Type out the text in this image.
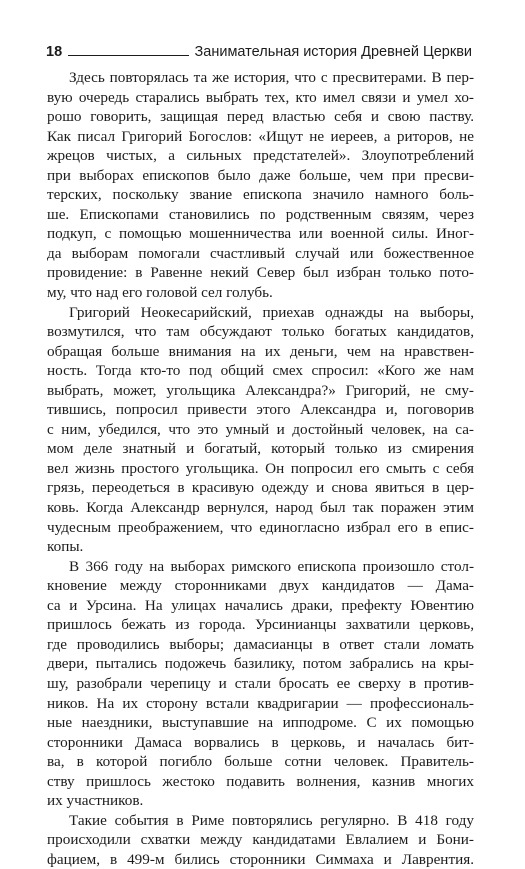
18	Занимательная история Древней Церкви
Здесь повторялась та же история, что с пресвитерами. В пер-
вую очередь старались выбрать тех, кто имел связи и умел хо-
рошо говорить, защищая перед властью себя и свою паству.
Как писал Григорий Богослов: «Ищут не иереев, а риторов, не
жрецов чистых, а сильных предстателей». Злоупотреблений
при выборах епископов было даже больше, чем при пресви-
терских, поскольку звание епископа значило намного боль-
ше. Епископами становились по родственным связям, через
подкуп, с помощью мошенничества или военной силы. Иног-
да выборам помогали счастливый случай или божественное
провидение: в Равенне некий Север был избран только пото-
му, что над его головой сел голубь.
Григорий Неокесарийский, приехав однажды на выборы,
возмутился, что там обсуждают только богатых кандидатов,
обращая больше внимания на их деньги, чем на нравствен-
ность. Тогда кто-то под общий смех спросил: «Кого же нам
выбрать, может, угольщика Александра?» Григорий, не сму-
тившись, попросил привести этого Александра и, поговорив
с ним, убедился, что это умный и достойный человек, на са-
мом деле знатный и богатый, который только из смирения
вел жизнь простого угольщика. Он попросил его смыть с себя
грязь, переодеться в красивую одежду и снова явиться в цер-
ковь. Когда Александр вернулся, народ был так поражен этим
чудесным преображением, что единогласно избрал его в епис-
копы.
В 366 году на выборах римского епископа произошло стол-
кновение между сторонниками двух кандидатов — Дама-
са и Урсина. На улицах начались драки, префекту Ювентию
пришлось бежать из города. Урсинианцы захватили церковь,
где проводились выборы; дамасианцы в ответ стали ломать
двери, пытались подожечь базилику, потом забрались на кры-
шу, разобрали черепицу и стали бросать ее сверху в против-
ников. На их сторону встали квадригарии — профессиональ-
ные наездники, выступавшие на ипподроме. С их помощью
сторонники Дамаса ворвались в церковь, и началась бит-
ва, в которой погибло больше сотни человек. Правитель-
ству пришлось жестоко подавить волнения, казнив многих
их участников.
Такие события в Риме повторялись регулярно. В 418 году
происходили схватки между кандидатами Евлалием и Бони-
фацием, в 499-м бились сторонники Симмаха и Лаврентия.
